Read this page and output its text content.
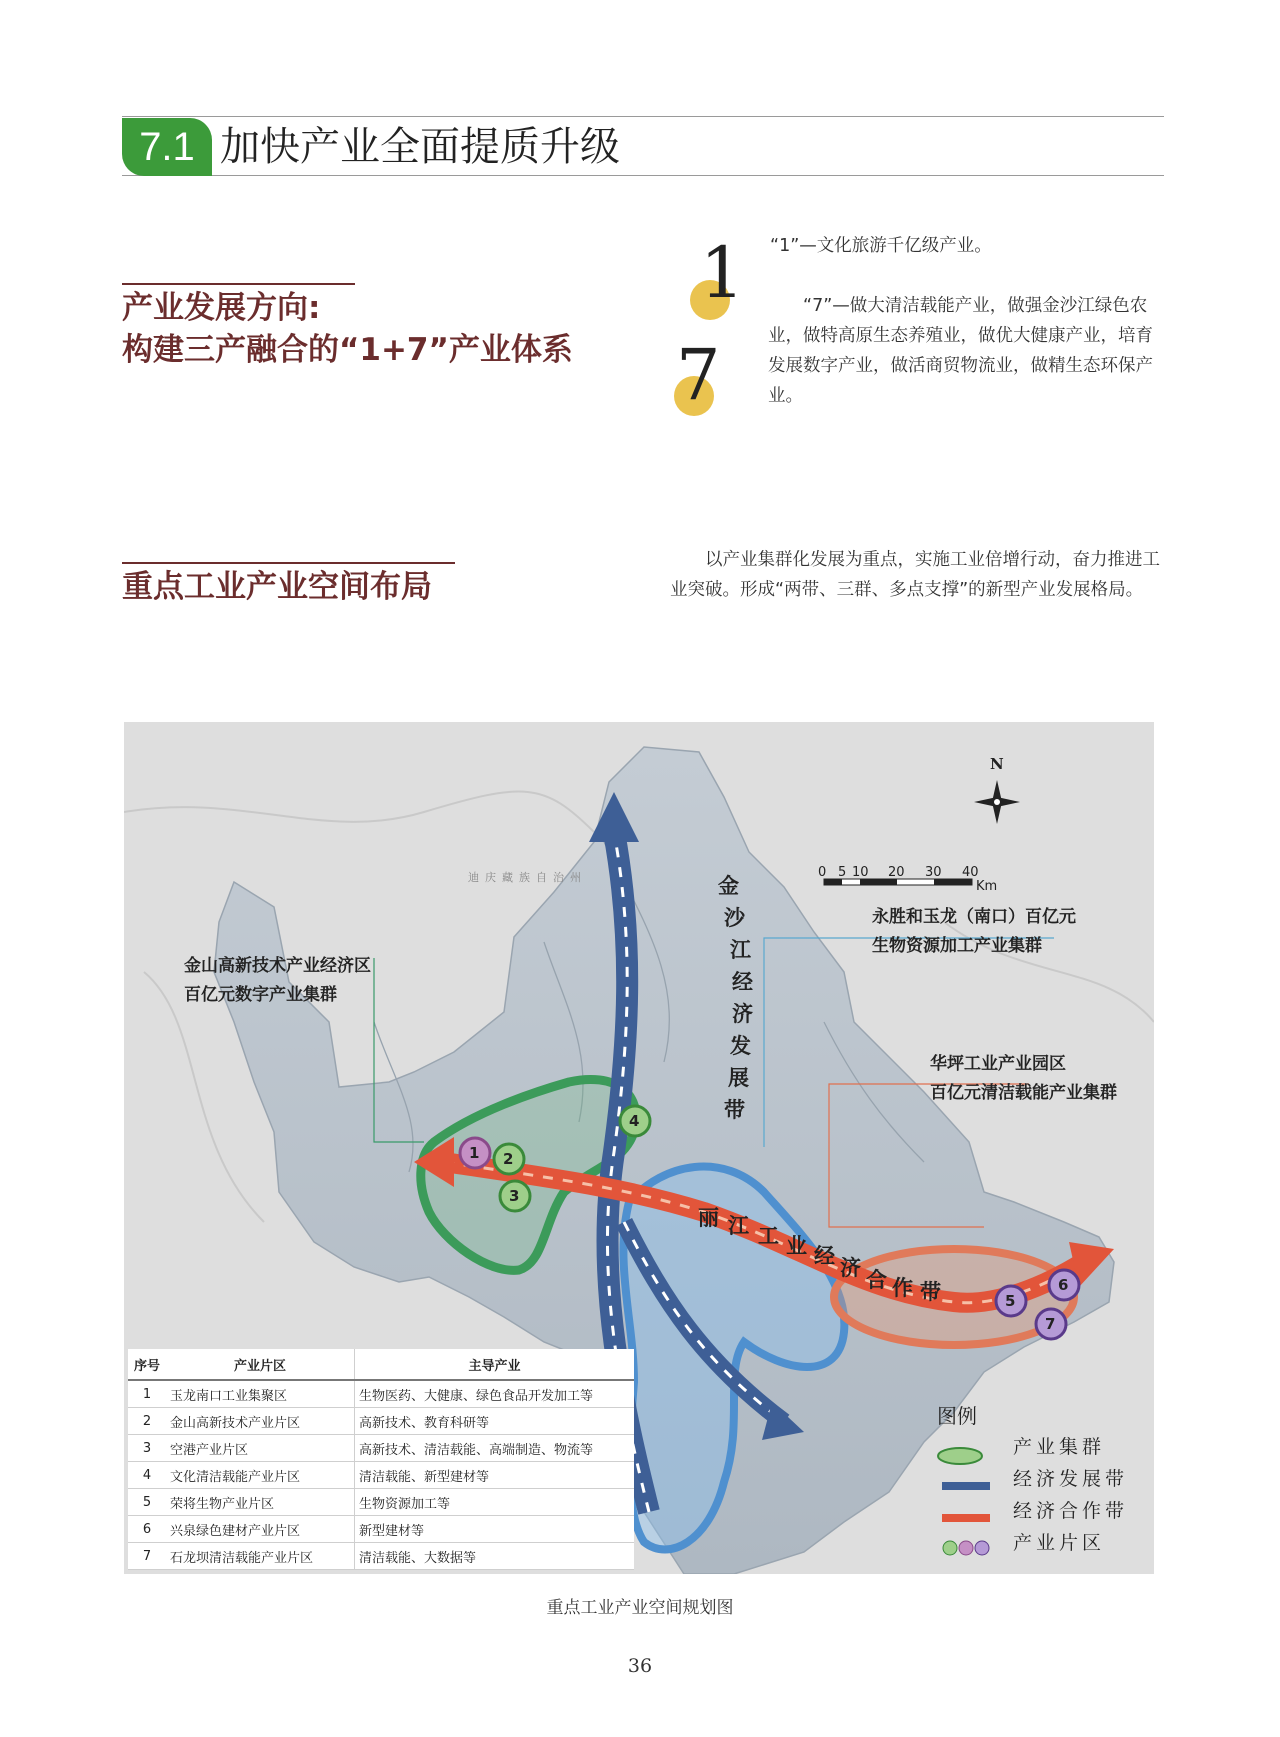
7.1 加快产业全面提质升级
产业发展方向:
构建三产融合的“1+7”产业体系
1
7
“1”—文化旅游千亿级产业。
“7”—做大清洁载能产业，做强金沙江绿色农业，做特高原生态养殖业，做优大健康产业，培育发展数字产业，做活商贸物流业，做精生态环保产业。
重点工业产业空间布局
以产业集群化发展为重点，实施工业倍增行动，奋力推进工业突破。形成“两带、三群、多点支撑”的新型产业发展格局。
迪庆藏族自治州
1 2
3
4
5
6
7
N
0 5 10 20 30 40
Km
金山高新技术产业经济区
百亿元数字产业集群
永胜和玉龙（南口）百亿元
生物资源加工产业集群
华坪工业产业园区
百亿元清洁载能产业集群
金
沙
江
经
济
发
展
带
丽 江 工 业 经 济 合 作 带
图例
产业集群
经济发展带
经济合作带
产业片区
序号	产业片区	主导产业
1	玉龙南口工业集聚区	生物医药、大健康、绿色食品开发加工等
2	金山高新技术产业片区	高新技术、教育科研等
3	空港产业片区	高新技术、清洁载能、高端制造、物流等
4	文化清洁载能产业片区	清洁载能、新型建材等
5	荣将生物产业片区	生物资源加工等
6	兴泉绿色建材产业片区	新型建材等
7	石龙坝清洁载能产业片区	清洁载能、大数据等
重点工业产业空间规划图
36
